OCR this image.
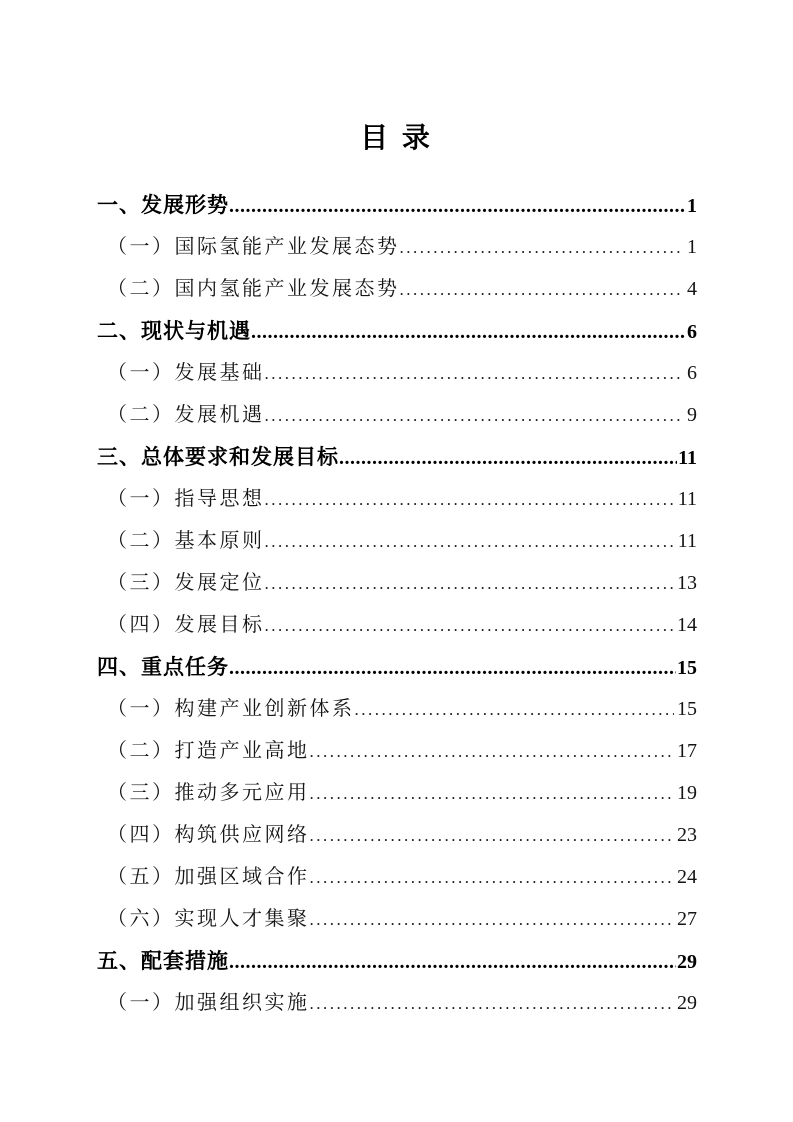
目 录
一、发展形势 .....	1
（一）国际氢能产业发展态势 .....	1
（二）国内氢能产业发展态势 .....	4
二、现状与机遇 .....	6
（一）发展基础 .....	6
（二）发展机遇 .....	9
三、总体要求和发展目标 .....	11
（一）指导思想 .....	11
（二）基本原则 .....	11
（三）发展定位 .....	13
（四）发展目标 .....	14
四、重点任务 .....	15
（一）构建产业创新体系 .....	15
（二）打造产业高地 .....	17
（三）推动多元应用 .....	19
（四）构筑供应网络 .....	23
（五）加强区域合作 .....	24
（六）实现人才集聚 .....	27
五、配套措施 .....	29
（一）加强组织实施 .....	29
